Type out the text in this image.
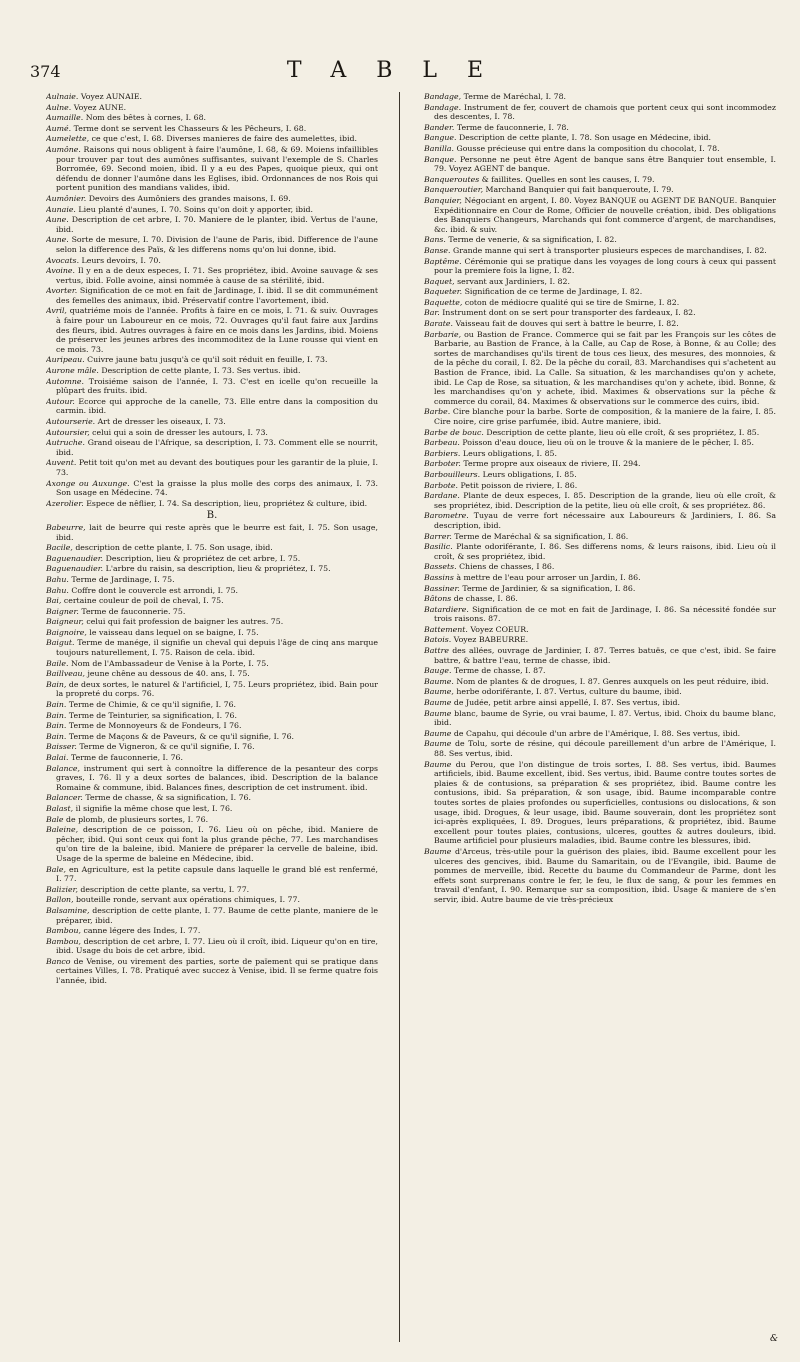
374	TABLE
Aulnaie. Voyez AUNAIE.
Aulne. Voyez AUNE.
Aumaille. Nom des bêtes à cornes, I. 68.
Aumé. Terme dont se servent les Chasseurs & les Pêcheurs, I. 68.
Aumelette, ce que c'est, I. 68. Diverses manieres de faire des aumelettes, ibid.
Aumône. Raisons qui nous obligent à faire l'aumône, I. 68, & 69. Moiens infaillibles pour trouver par tout des aumônes suffisantes, suivant l'exemple de S. Charles Borromée, 69. Second moien, ibid. Il y a eu des Papes, quoique pieux, qui ont défendu de donner l'aumône dans les Eglises, ibid. Ordonnances de nos Rois qui portent punition des mandians valides, ibid.
Aumônier. Devoirs des Aumôniers des grandes maisons, I. 69.
Aunaie. Lieu planté d'aunes, I. 70. Soins qu'on doit y apporter, ibid.
Aune. Description de cet arbre, I. 70. Maniere de le planter, ibid. Vertus de l'aune, ibid.
Aune. Sorte de mesure, I. 70. Division de l'aune de Paris, ibid. Difference de l'aune selon la difference des Païs, & les differens noms qu'on lui donne, ibid.
Avocats. Leurs devoirs, I. 70.
Avoine. Il y en a de deux especes, I. 71. Ses propriétez, ibid. Avoine sauvage & ses vertus, ibid. Folle avoine, ainsi nommée à cause de sa stérilité, ibid.
Avorter. Signification de ce mot en fait de Jardinage, I. ibid. Il se dit communément des femelles des animaux, ibid. Préservatif contre l'avortement, ibid.
Avril, quatriéme mois de l'année. Profits à faire en ce mois, I. 71. & suiv. Ouvrages à faire pour un Laboureur en ce mois, 72. Ouvrages qu'il faut faire aux Jardins des fleurs, ibid. Autres ouvrages à faire en ce mois dans les Jardins, ibid. Moiens de préserver les jeunes arbres des incommoditez de la Lune rousse qui vient en ce mois. 73.
Auripeau. Cuivre jaune batu jusqu'à ce qu'il soit réduit en feuille, I. 73.
Aurone mâle. Description de cette plante, I. 73. Ses vertus. ibid.
Automne. Troisiéme saison de l'année, I. 73. C'est en icelle qu'on recueille la plûpart des fruits. ibid.
Autour. Ecorce qui approche de la canelle, 73. Elle entre dans la composition du carmin. ibid.
Autourserie. Art de dresser les oiseaux, I. 73.
Autoursier, celui qui a soin de dresser les autours, I. 73.
Autruche. Grand oiseau de l'Afrique, sa description, I. 73. Comment elle se nourrit, ibid.
Auvent. Petit toit qu'on met au devant des boutiques pour les garantir de la pluie, I. 73.
Axonge ou Auxunge. C'est la graisse la plus molle des corps des animaux, I. 73. Son usage en Médecine. 74.
Azerolier. Espece de nêflier, I. 74. Sa description, lieu, propriétez & culture, ibid.
B.
Babeurre, lait de beurre qui reste après que le beurre est fait, I. 75. Son usage, ibid.
Bacile, description de cette plante, I. 75. Son usage, ibid.
Baguenaudier. Description, lieu & propriétez de cet arbre, I. 75.
Baguenaudier. L'arbre du raisin, sa description, lieu & propriétez, I. 75.
Bahu. Terme de Jardinage, I. 75.
Bahu. Coffre dont le couvercle est arrondi, I. 75.
Bai, certaine couleur de poil de cheval, I. 75.
Baigner. Terme de fauconnerie. 75.
Baigneur, celui qui fait profession de baigner les autres. 75.
Baignoire, le vaisseau dans lequel on se baigne, I. 75.
Baigut. Terme de manége, il signifie un cheval qui depuis l'âge de cinq ans marque toujours naturellement, I. 75. Raison de cela. ibid.
Baile. Nom de l'Ambassadeur de Venise à la Porte, I. 75.
Baillveau, jeune chêne au dessous de 40. ans, I. 75.
Bain, de deux sortes, le naturel & l'artificiel, I, 75. Leurs propriétez, ibid. Bain pour la propreté du corps. 76.
Bain. Terme de Chimie, & ce qu'il signifie, I. 76.
Bain. Terme de Teinturier, sa signification, I. 76.
Bain. Terme de Monnoyeurs & de Fondeurs, I 76.
Bain. Terme de Maçons & de Paveurs, & ce qu'il signifie, I. 76.
Baisser. Terme de Vigneron, & ce qu'il signifie, I. 76.
Balai. Terme de fauconnerie, I. 76.
Balance, instrument qui sert à connoître la difference de la pesanteur des corps graves, I. 76. Il y a deux sortes de balances, ibid. Description de la balance Romaine & commune, ibid. Balances fines, description de cet instrument. ibid.
Balancer. Terme de chasse, & sa signification, I. 76.
Balast, il signifie la même chose que lest, I. 76.
Bale de plomb, de plusieurs sortes, I. 76.
Baleine, description de ce poisson, I. 76. Lieu où on pêche, ibid. Maniere de pêcher, ibid. Qui sont ceux qui font la plus grande pêche, 77. Les marchandises qu'on tire de la baleine, ibid. Maniere de préparer la cervelle de baleine, ibid. Usage de la sperme de baleine en Médecine, ibid.
Bale, en Agriculture, est la petite capsule dans laquelle le grand blé est renfermé, I. 77.
Balizier, description de cette plante, sa vertu, I. 77.
Ballon, bouteille ronde, servant aux opérations chimiques, I. 77.
Balsamine, description de cette plante, I. 77. Baume de cette plante, maniere de le préparer, ibid.
Bambou, canne légere des Indes, I. 77.
Bambou, description de cet arbre, I. 77. Lieu où il croît, ibid. Liqueur qu'on en tire, ibid. Usage du bois de cet arbre, ibid.
Banco de Venise, ou virement des parties, sorte de païement qui se pratique dans certaines Villes, I. 78. Pratiqué avec succez à Venise, ibid. Il se ferme quatre fois l'année, ibid.
Bandage, Terme de Maréchal, I. 78.
Bandage. Instrument de fer, couvert de chamois que portent ceux qui sont incommodez des descentes, I. 78.
Bander. Terme de fauconnerie, I. 78.
Bangue. Description de cette plante, I. 78. Son usage en Médecine, ibid.
Banilla. Gousse précieuse qui entre dans la composition du chocolat, I. 78.
Banque. Personne ne peut être Agent de banque sans être Banquier tout ensemble, I. 79. Voyez AGENT de banque.
Banqueroutes & faillites. Quelles en sont les causes, I. 79.
Banqueroutier, Marchand Banquier qui fait banqueroute, I. 79.
Banquier, Négociant en argent, I. 80. Voyez BANQUE ou AGENT DE BANQUE. Banquier Expéditionnaire en Cour de Rome, Officier de nouvelle création, ibid. Des obligations des Banquiers Changeurs, Marchands qui font commerce d'argent, de marchandises, &c. ibid. & suiv.
Bans. Terme de venerie, & sa signification, I. 82.
Banse. Grande manne qui sert à transporter plusieurs especes de marchandises, I. 82.
Baptême. Cérémonie qui se pratique dans les voyages de long cours à ceux qui passent pour la premiere fois la ligne, I. 82.
Baquet, servant aux Jardiniers, I. 82.
Baqueter. Signification de ce terme de Jardinage, I. 82.
Baquette, coton de médiocre qualité qui se tire de Smirne, I. 82.
Bar. Instrument dont on se sert pour transporter des fardeaux, I. 82.
Barate. Vaisseau fait de douves qui sert à battre le beurre, I. 82.
Barbarie, ou Bastion de France. Commerce qui se fait par les François sur les côtes de Barbarie, au Bastion de France, à la Calle, au Cap de Rose, à Bonne, & au Colle; des sortes de marchandises qu'ils tirent de tous ces lieux, des mesures, des monnoies, & de la pêche du corail, I. 82. De la pêche du corail, 83. Marchandises qui s'achetent au Bastion de France, ibid. La Calle. Sa situation, & les marchandises qu'on y achete, ibid. Le Cap de Rose, sa situation, & les marchandises qu'on y achete, ibid. Bonne, & les marchandises qu'on y achete, ibid. Maximes & observations sur la pêche & commerce du corail, 84. Maximes & observations sur le commerce des cuirs, ibid.
Barbe. Cire blanche pour la barbe. Sorte de composition, & la maniere de la faire, I. 85. Cire noire, cire grise parfumée, ibid. Autre maniere, ibid.
Barbe de bouc. Description de cette plante, lieu où elle croît, & ses propriétez, I. 85.
Barbeau. Poisson d'eau douce, lieu où on le trouve & la maniere de le pêcher, I. 85.
Barbiers. Leurs obligations, I. 85.
Barboter. Terme propre aux oiseaux de riviere, II. 294.
Barbouilleurs. Leurs obligations, I. 85.
Barbote. Petit poisson de riviere, I. 86.
Bardane. Plante de deux especes, I. 85. Description de la grande, lieu où elle croît, & ses propriétez, ibid. Description de la petite, lieu où elle croît, & ses propriétez. 86.
Barometre. Tuyau de verre fort nécessaire aux Laboureurs & Jardiniers, I. 86. Sa description, ibid.
Barrer. Terme de Maréchal & sa signification, I. 86.
Basilic. Plante odoriférante, I. 86. Ses differens noms, & leurs raisons, ibid. Lieu où il croît, & ses propriétez, ibid.
Bassets. Chiens de chasses, I 86.
Bassins à mettre de l'eau pour arroser un Jardin, I. 86.
Bassiner. Terme de Jardinier, & sa signification, I. 86.
Bâtons de chasse, I. 86.
Batardiere. Signification de ce mot en fait de Jardinage, I. 86. Sa nécessité fondée sur trois raisons. 87.
Battement. Voyez COEUR.
Batois. Voyez BABEURRE.
Battre des allées, ouvrage de Jardinier, I. 87. Terres batuës, ce que c'est, ibid. Se faire battre, & battre l'eau, terme de chasse, ibid.
Bauge. Terme de chasse, I. 87.
Baume. Nom de plantes & de drogues, I. 87. Genres auxquels on les peut réduire, ibid.
Baume, herbe odoriférante, I. 87. Vertus, culture du baume, ibid.
Baume de Judée, petit arbre ainsi appellé, I. 87. Ses vertus, ibid.
Baume blanc, baume de Syrie, ou vrai baume, I. 87. Vertus, ibid. Choix du baume blanc, ibid.
Baume de Capahu, qui découle d'un arbre de l'Amérique, I. 88. Ses vertus, ibid.
Baume de Tolu, sorte de résine, qui découle pareillement d'un arbre de l'Amérique, I. 88. Ses vertus, ibid.
Baume du Perou, que l'on distingue de trois sortes, I. 88. Ses vertus, ibid. Baumes artificiels, ibid. Baume excellent, ibid. Ses vertus, ibid. Baume contre toutes sortes de plaies & de contusions, sa préparation & ses propriétez, ibid. Baume contre les contusions, ibid. Sa préparation, & son usage, ibid. Baume incomparable contre toutes sortes de plaies profondes ou superficielles, contusions ou dislocations, & son usage, ibid. Drogues, & leur usage, ibid. Baume souverain, dont les propriétez sont ici-après expliquées, I. 89. Drogues, leurs préparations, & propriétez, ibid. Baume excellent pour toutes plaies, contusions, ulceres, gouttes & autres douleurs, ibid. Baume artificiel pour plusieurs maladies, ibid. Baume contre les blessures, ibid.
Baume d'Arceus, très-utile pour la guérison des plaies, ibid. Baume excellent pour les ulceres des gencives, ibid. Baume du Samaritain, ou de l'Evangile, ibid. Baume de pommes de merveille, ibid. Recette du baume du Commandeur de Parme, dont les effets sont surprenans contre le fer, le feu, le flux de sang, & pour les femmes en travail d'enfant, I. 90. Remarque sur sa composition, ibid. Usage & maniere de s'en servir, ibid. Autre baume de vie très-précieux
&
